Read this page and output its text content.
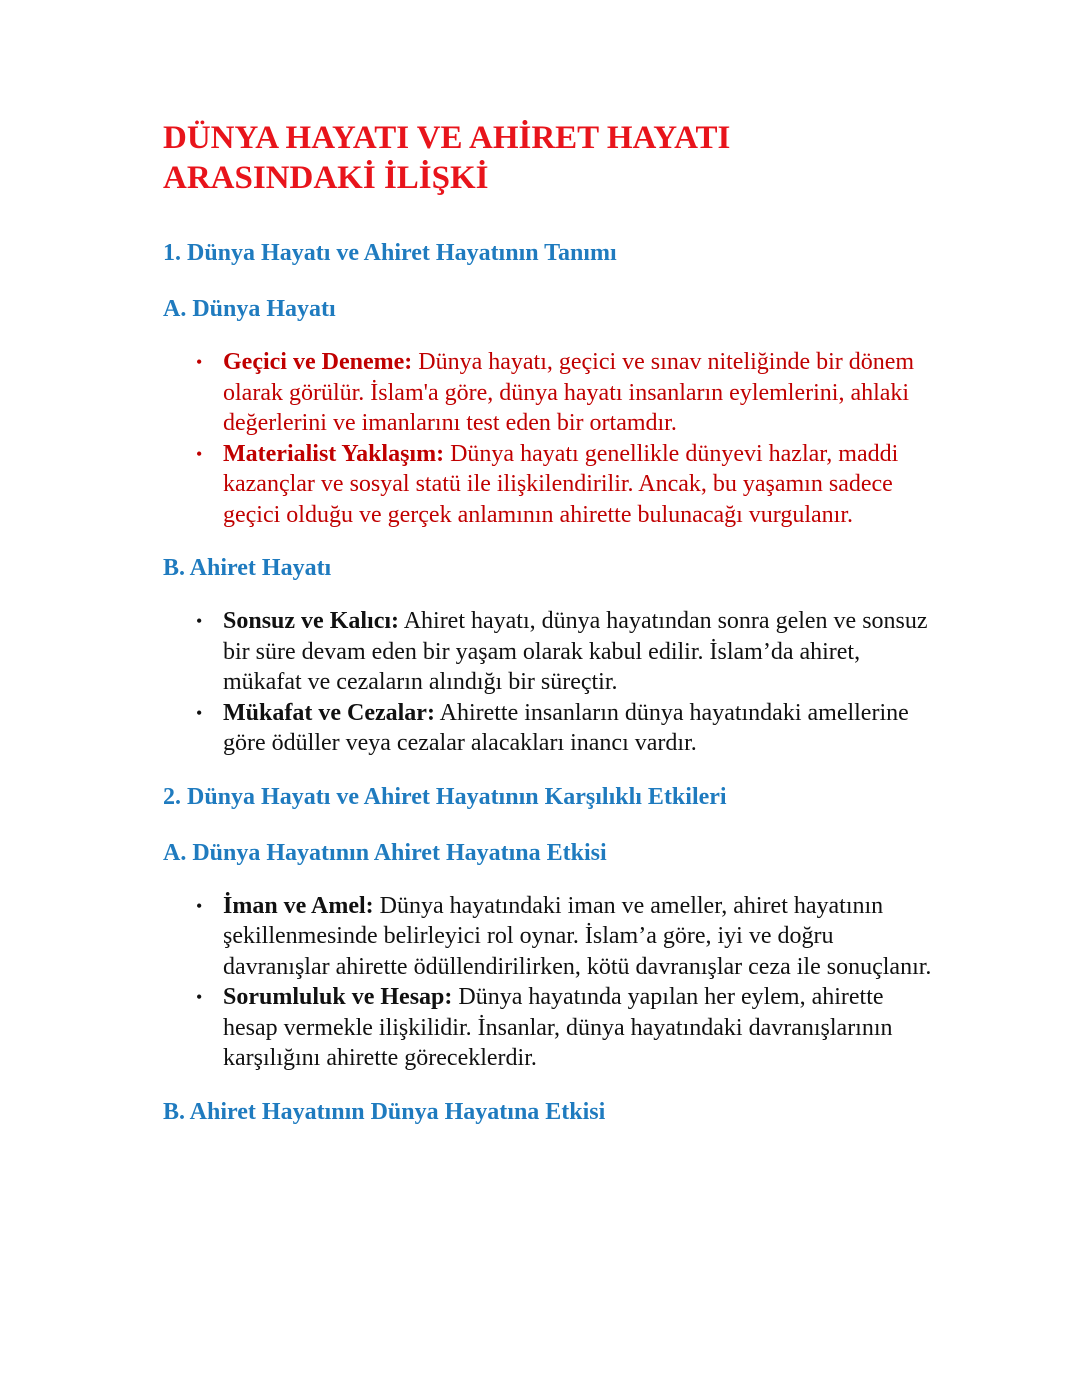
DÜNYA HAYATI VE AHİRET HAYATI
ARASINDAKİ İLİŞKİ
1. Dünya Hayatı ve Ahiret Hayatının Tanımı
A. Dünya Hayatı
• Geçici ve Deneme: Dünya hayatı, geçici ve sınav niteliğinde bir dönem olarak görülür. İslam'a göre, dünya hayatı insanların eylemlerini, ahlaki değerlerini ve imanlarını test eden bir ortamdır.
• Materialist Yaklaşım: Dünya hayatı genellikle dünyevi hazlar, maddi kazançlar ve sosyal statü ile ilişkilendirilir. Ancak, bu yaşamın sadece geçici olduğu ve gerçek anlamının ahirette bulunacağı vurgulanır.
B. Ahiret Hayatı
• Sonsuz ve Kalıcı: Ahiret hayatı, dünya hayatından sonra gelen ve sonsuz bir süre devam eden bir yaşam olarak kabul edilir. İslam’da ahiret, mükafat ve cezaların alındığı bir süreçtir.
• Mükafat ve Cezalar: Ahirette insanların dünya hayatındaki amellerine göre ödüller veya cezalar alacakları inancı vardır.
2. Dünya Hayatı ve Ahiret Hayatının Karşılıklı Etkileri
A. Dünya Hayatının Ahiret Hayatına Etkisi
• İman ve Amel: Dünya hayatındaki iman ve ameller, ahiret hayatının şekillenmesinde belirleyici rol oynar. İslam’a göre, iyi ve doğru davranışlar ahirette ödüllendirilirken, kötü davranışlar ceza ile sonuçlanır.
• Sorumluluk ve Hesap: Dünya hayatında yapılan her eylem, ahirette hesap vermekle ilişkilidir. İnsanlar, dünya hayatındaki davranışlarının karşılığını ahirette göreceklerdir.
B. Ahiret Hayatının Dünya Hayatına Etkisi
